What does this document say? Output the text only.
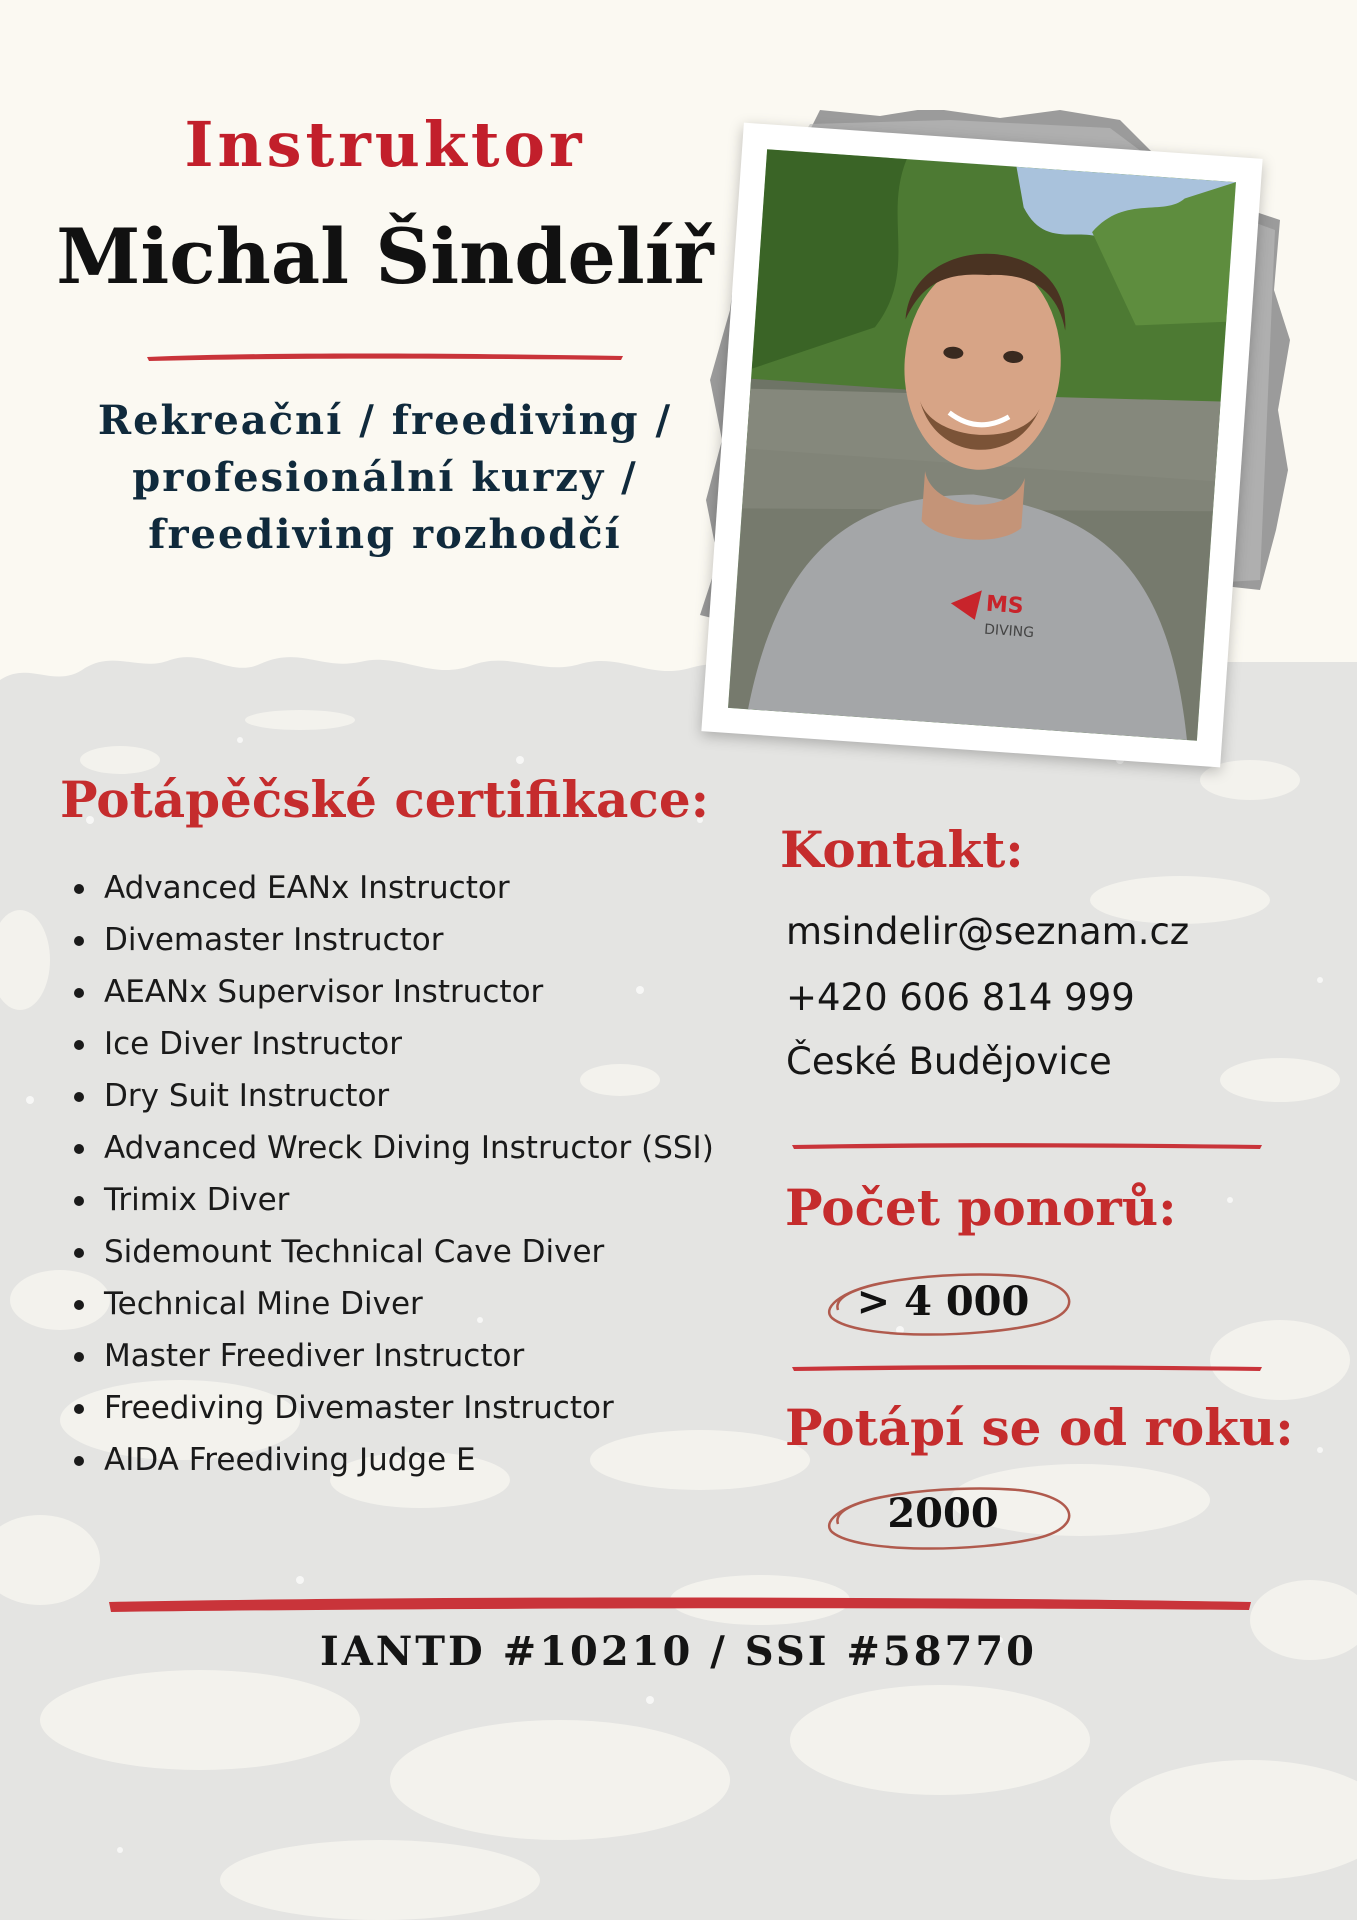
Instruktor
Michal Šindelíř
Rekreační / freediving /
profesionální kurzy /
freediving rozhodčí
MS
DIVING
Potápěčské certifikace:
Advanced EANx Instructor
Divemaster Instructor
AEANx Supervisor Instructor
Ice Diver Instructor
Dry Suit Instructor
Advanced Wreck Diving Instructor (SSI)
Trimix Diver
Sidemount Technical Cave Diver
Technical Mine Diver
Master Freediver Instructor
Freediving Divemaster Instructor
AIDA Freediving Judge E
Kontakt:
msindelir@seznam.cz
+420 606 814 999
České Budějovice
Počet ponorů:
> 4 000
Potápí se od roku:
2000
IANTD #10210 / SSI #58770
